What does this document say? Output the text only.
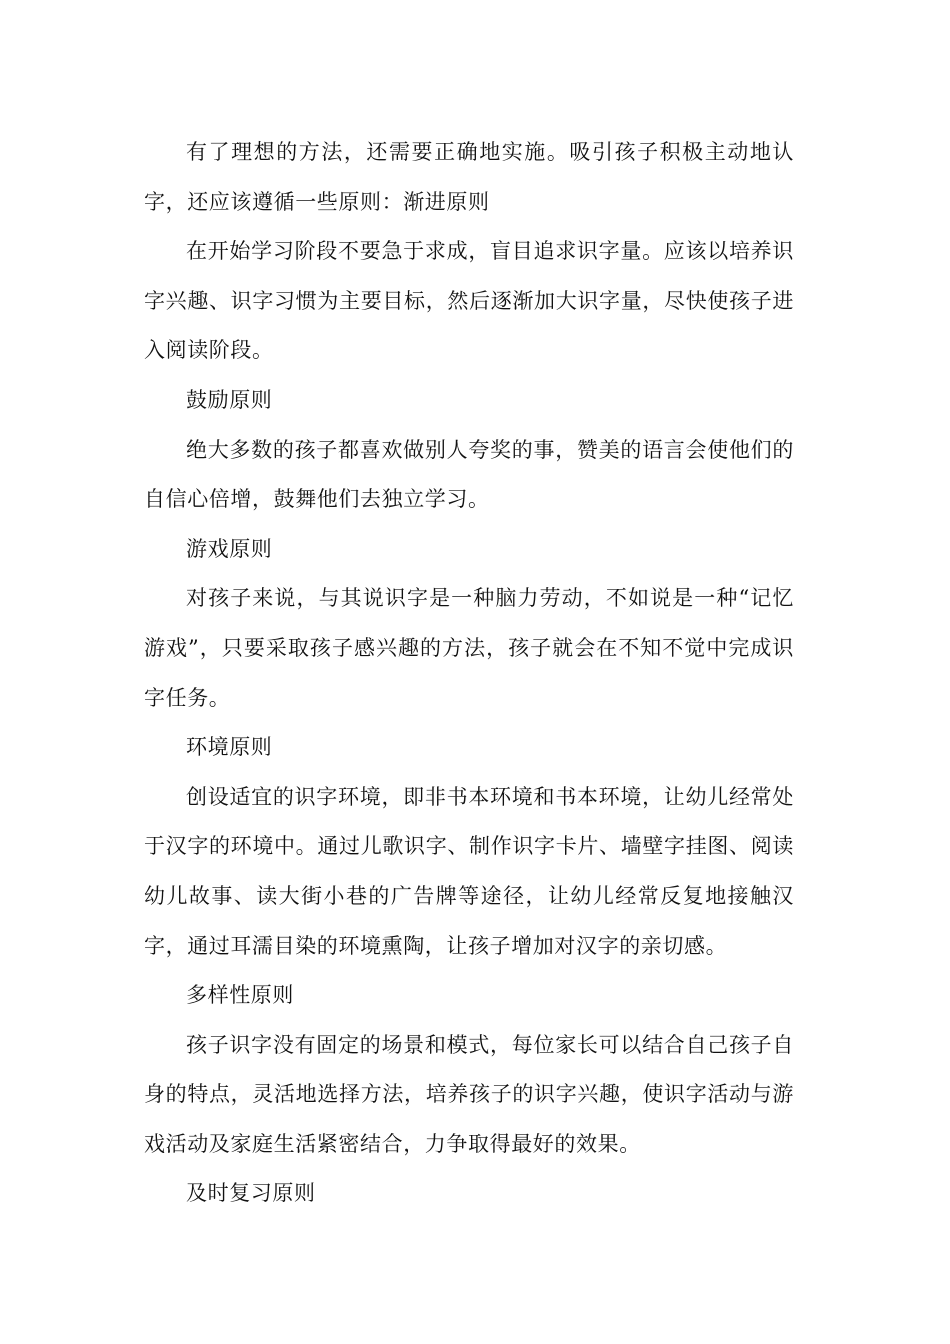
有了理想的方法，还需要正确地实施。吸引孩子积极主动地认字，还应该遵循一些原则：渐进原则

在开始学习阶段不要急于求成，盲目追求识字量。应该以培养识字兴趣、识字习惯为主要目标，然后逐渐加大识字量，尽快使孩子进入阅读阶段。

鼓励原则

绝大多数的孩子都喜欢做别人夸奖的事，赞美的语言会使他们的自信心倍增，鼓舞他们去独立学习。

游戏原则

对孩子来说，与其说识字是一种脑力劳动，不如说是一种“记忆游戏”，只要采取孩子感兴趣的方法，孩子就会在不知不觉中完成识字任务。

环境原则

创设适宜的识字环境，即非书本环境和书本环境，让幼儿经常处于汉字的环境中。通过儿歌识字、制作识字卡片、墙壁字挂图、阅读幼儿故事、读大街小巷的广告牌等途径，让幼儿经常反复地接触汉字，通过耳濡目染的环境熏陶，让孩子增加对汉字的亲切感。

多样性原则

孩子识字没有固定的场景和模式，每位家长可以结合自己孩子自身的特点，灵活地选择方法，培养孩子的识字兴趣，使识字活动与游戏活动及家庭生活紧密结合，力争取得最好的效果。

及时复习原则
